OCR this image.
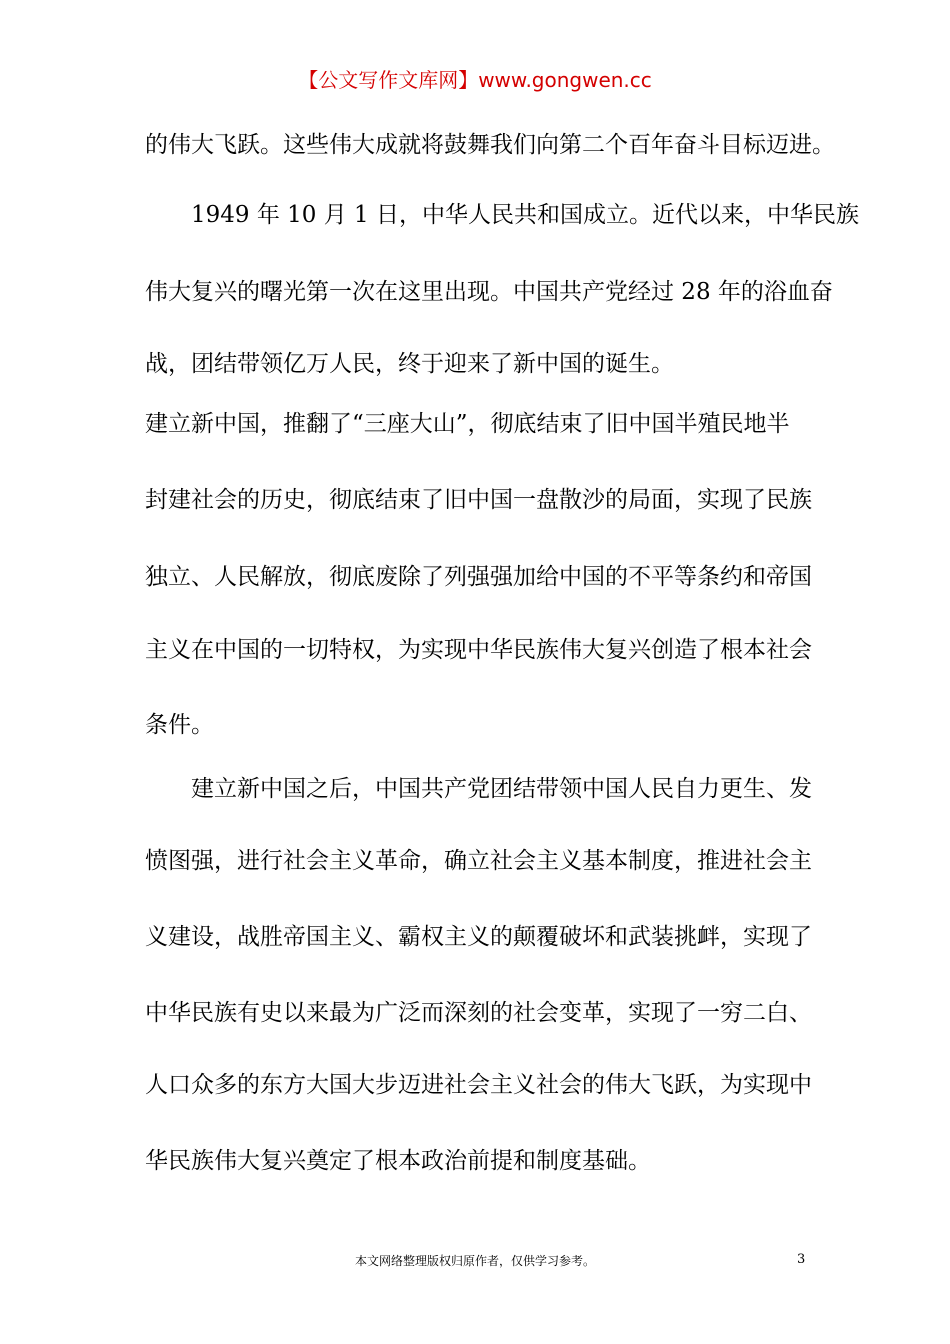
【公文写作文库网】www.gongwen.cc
的伟大飞跃。这些伟大成就将鼓舞我们向第二个百年奋斗目标迈进。
1949 年 10 月 1 日，中华人民共和国成立。近代以来，中华民族
伟大复兴的曙光第一次在这里出现。中国共产党经过 28 年的浴血奋
战，团结带领亿万人民，终于迎来了新中国的诞生。
建立新中国，推翻了“三座大山”，彻底结束了旧中国半殖民地半
封建社会的历史，彻底结束了旧中国一盘散沙的局面，实现了民族
独立、人民解放，彻底废除了列强强加给中国的不平等条约和帝国
主义在中国的一切特权，为实现中华民族伟大复兴创造了根本社会
条件。
建立新中国之后，中国共产党团结带领中国人民自力更生、发
愤图强，进行社会主义革命，确立社会主义基本制度，推进社会主
义建设，战胜帝国主义、霸权主义的颠覆破坏和武装挑衅，实现了
中华民族有史以来最为广泛而深刻的社会变革，实现了一穷二白、
人口众多的东方大国大步迈进社会主义社会的伟大飞跃，为实现中
华民族伟大复兴奠定了根本政治前提和制度基础。
本文网络整理版权归原作者，仅供学习参考。	3
